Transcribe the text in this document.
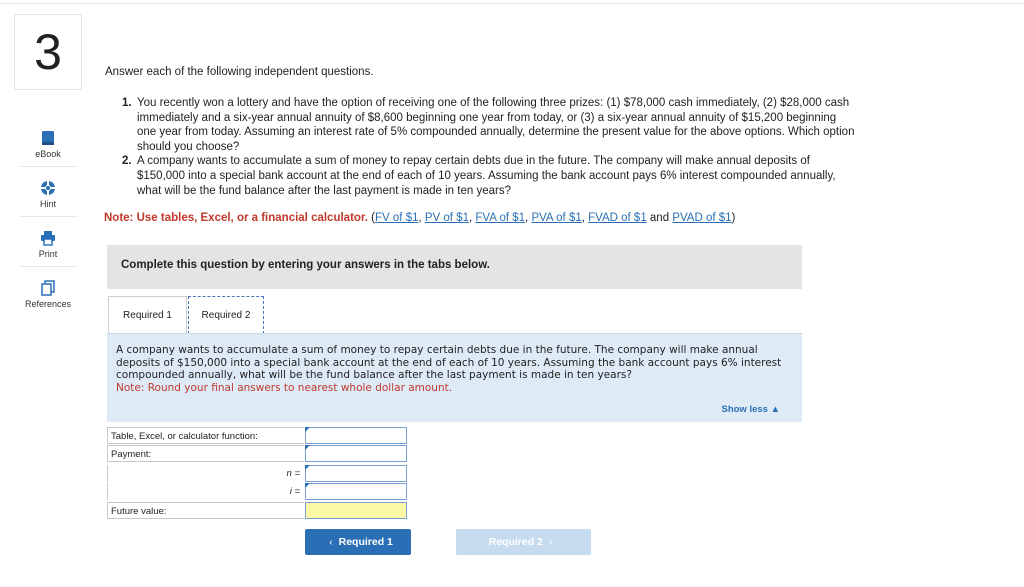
3
eBook
Hint
Print
References
Answer each of the following independent questions.
1. You recently won a lottery and have the option of receiving one of the following three prizes: (1) $78,000 cash immediately, (2) $28,000 cash immediately and a six-year annual annuity of $8,600 beginning one year from today, or (3) a six-year annual annuity of $15,200 beginning one year from today. Assuming an interest rate of 5% compounded annually, determine the present value for the above options. Which option should you choose?
2. A company wants to accumulate a sum of money to repay certain debts due in the future. The company will make annual deposits of $150,000 into a special bank account at the end of each of 10 years. Assuming the bank account pays 6% interest compounded annually, what will be the fund balance after the last payment is made in ten years?
Note: Use tables, Excel, or a financial calculator. (FV of $1, PV of $1, FVA of $1, PVA of $1, FVAD of $1 and PVAD of $1)
Complete this question by entering your answers in the tabs below.
Required 1	Required 2
A company wants to accumulate a sum of money to repay certain debts due in the future. The company will make annual deposits of $150,000 into a special bank account at the end of each of 10 years. Assuming the bank account pays 6% interest compounded annually, what will be the fund balance after the last payment is made in ten years?
Note: Round your final answers to nearest whole dollar amount.
Show less ▲
Table, Excel, or calculator function:
Payment:
n =
i =
Future value:
‹ Required 1	Required 2 ›
